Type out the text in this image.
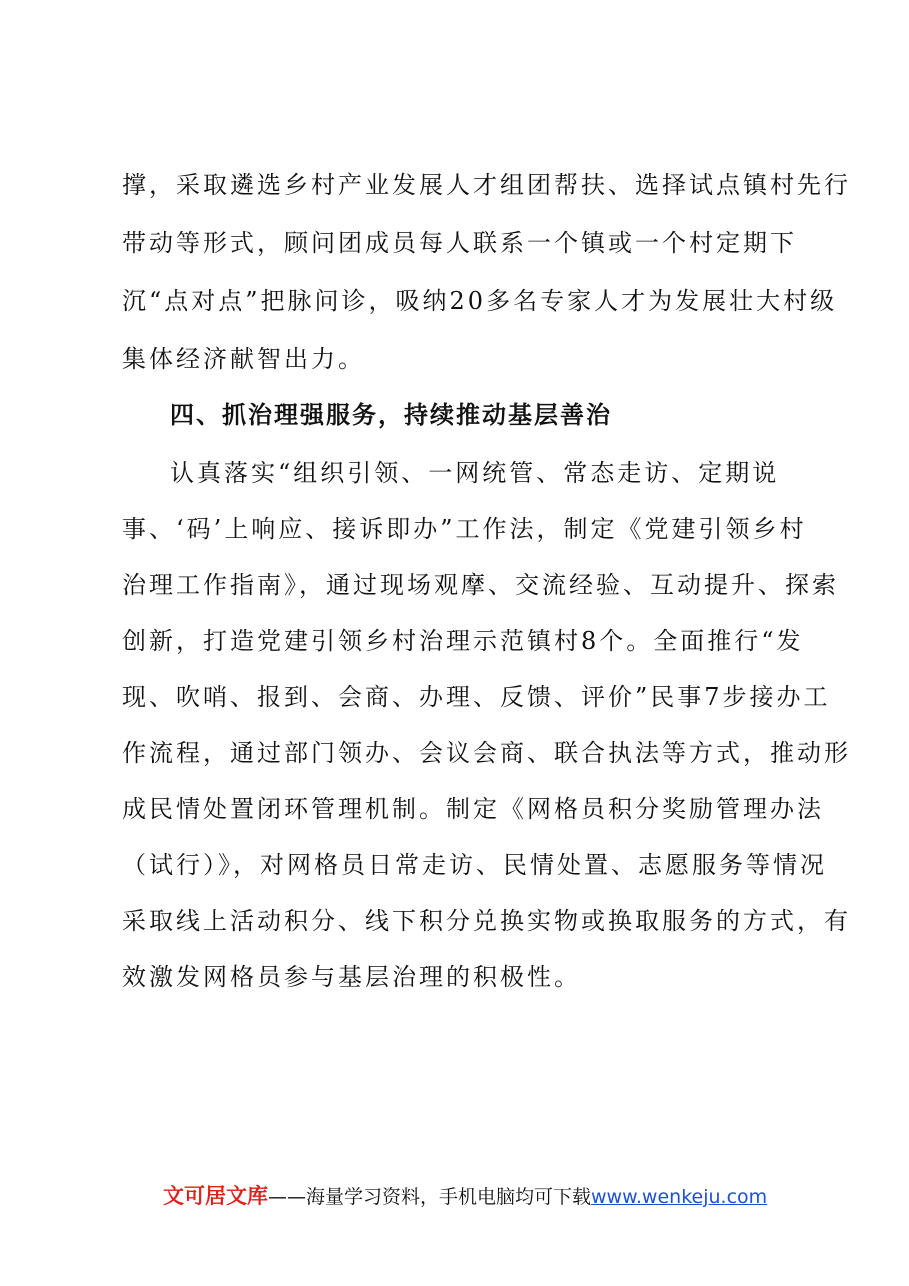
撑，采取遴选乡村产业发展人才组团帮扶、选择试点镇村先行
带动等形式，顾问团成员每人联系一个镇或一个村定期下
沉“点对点”把脉问诊，吸纳20多名专家人才为发展壮大村级
集体经济献智出力。
四、抓治理强服务，持续推动基层善治
认真落实“组织引领、一网统管、常态走访、定期说
事、‘码’上响应、接诉即办”工作法，制定《党建引领乡村
治理工作指南》，通过现场观摩、交流经验、互动提升、探索
创新，打造党建引领乡村治理示范镇村8个。全面推行“发
现、吹哨、报到、会商、办理、反馈、评价”民事7步接办工
作流程，通过部门领办、会议会商、联合执法等方式，推动形
成民情处置闭环管理机制。制定《网格员积分奖励管理办法
（试行）》，对网格员日常走访、民情处置、志愿服务等情况
采取线上活动积分、线下积分兑换实物或换取服务的方式，有
效激发网格员参与基层治理的积极性。
文可居文库——海量学习资料，手机电脑均可下载www.wenkeju.com
